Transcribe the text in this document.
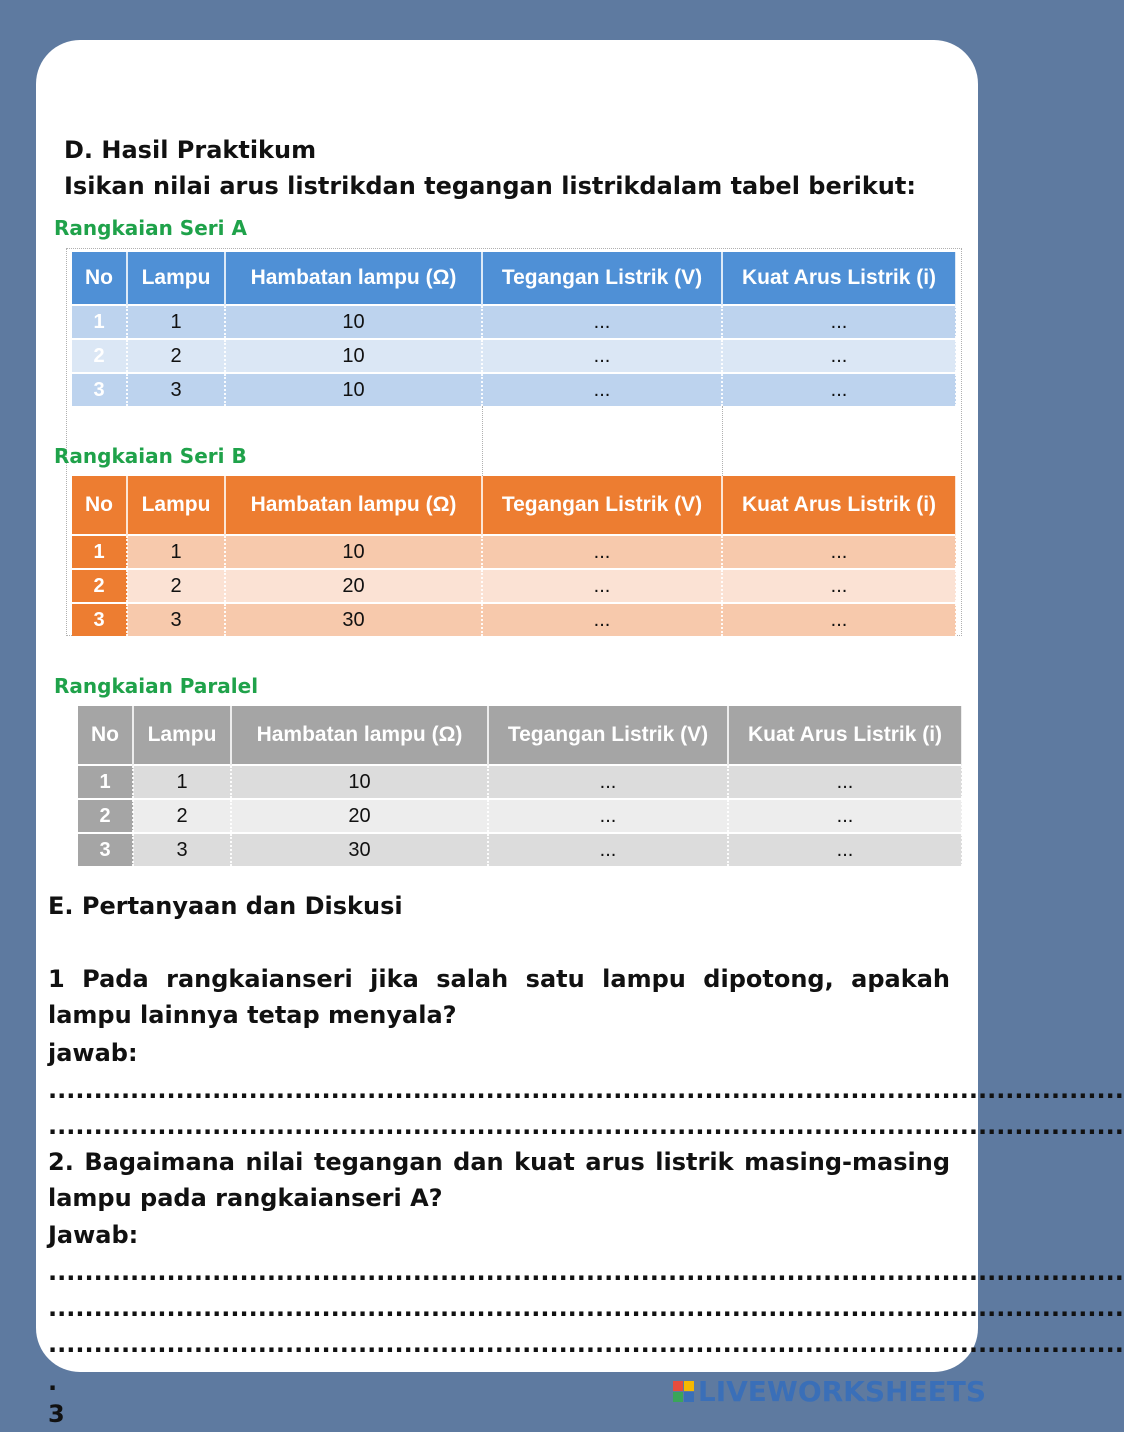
D. Hasil Praktikum
Isikan nilai arus listrikdan tegangan listrikdalam tabel berikut:
Rangkaian Seri A
No	Lampu	Hambatan lampu (Ω)	Tegangan Listrik (V)	Kuat Arus Listrik (i)
1	1	10	...	...
2	2	10	...	...
3	3	10	...	...
Rangkaian Seri B
No	Lampu	Hambatan lampu (Ω)	Tegangan Listrik (V)	Kuat Arus Listrik (i)
1	1	10	...	...
2	2	20	...	...
3	3	30	...	...
Rangkaian Paralel
No	Lampu	Hambatan lampu (Ω)	Tegangan Listrik (V)	Kuat Arus Listrik (i)
1	1	10	...	...
2	2	20	...	...
3	3	30	...	...
E. Pertanyaan dan Diskusi
1 Pada rangkaianseri jika salah satu lampu dipotong, apakah lampu lainnya tetap menyala?
jawab:
......................................................................................................................
......................................................................................................................
2. Bagaimana nilai tegangan dan kuat arus listrik masing-masing lampu pada rangkaianseri A?
Jawab:
......................................................................................................................
......................................................................................................................
......................................................................................................................
.
3
LIVEWORKSHEETS
